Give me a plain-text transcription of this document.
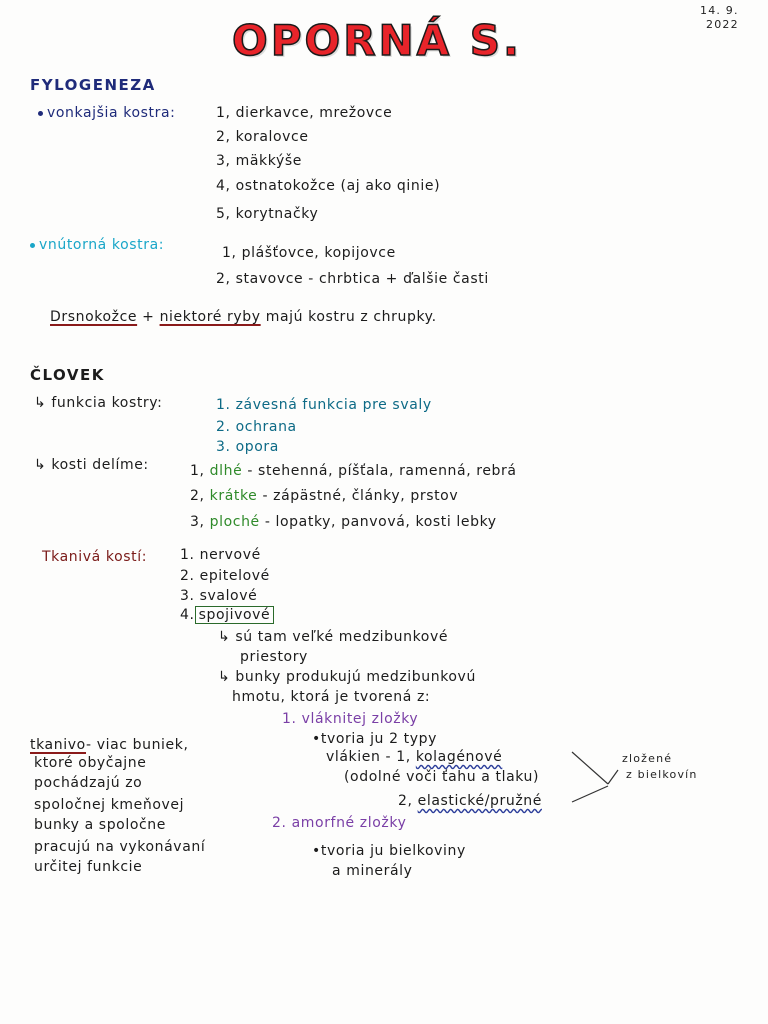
OPORNÁ S.
14. 9.
2022
FYLOGENEZA
vonkajšia kostra:	1, dierkavce, mrežovce
2, koralovce
3, mäkkýše
4, ostnatokožce (aj ako qinie)
5, korytnačky
vnútorná kostra:	1, plášťovce, kopijovce
2, stavovce - chrbtica + ďalšie časti
Drsnokožce + niektoré ryby majú kostru z chrupky.
ČLOVEK
↳ funkcia kostry:	1. závesná funkcia pre svaly
2. ochrana
3. opora
↳ kosti delíme:	1, dlhé - stehenná, píšťala, ramenná, rebrá
2, krátke - zápästné, články, prstov
3, ploché - lopatky, panvová, kosti lebky
Tkanivá kostí: 1. nervové
2. epitelové
3. svalové
4. spojivové
↳ sú tam veľké medzibunkové
priestory
↳ bunky produkujú medzibunkovú
hmotu, ktorá je tvorená z:
1. vláknitej zložky
•tvoria ju 2 typy
vlákien - 1, kolagénové
(odolné voči ťahu a tlaku)
2, elastické/pružné
zložené
z bielkovín
2. amorfné zložky
•tvoria ju bielkoviny
a minerály
tkanivo- viac buniek,
ktoré obyčajne
pochádzajú zo
spoločnej kmeňovej
bunky a spoločne
pracujú na vykonávaní
určitej funkcie
